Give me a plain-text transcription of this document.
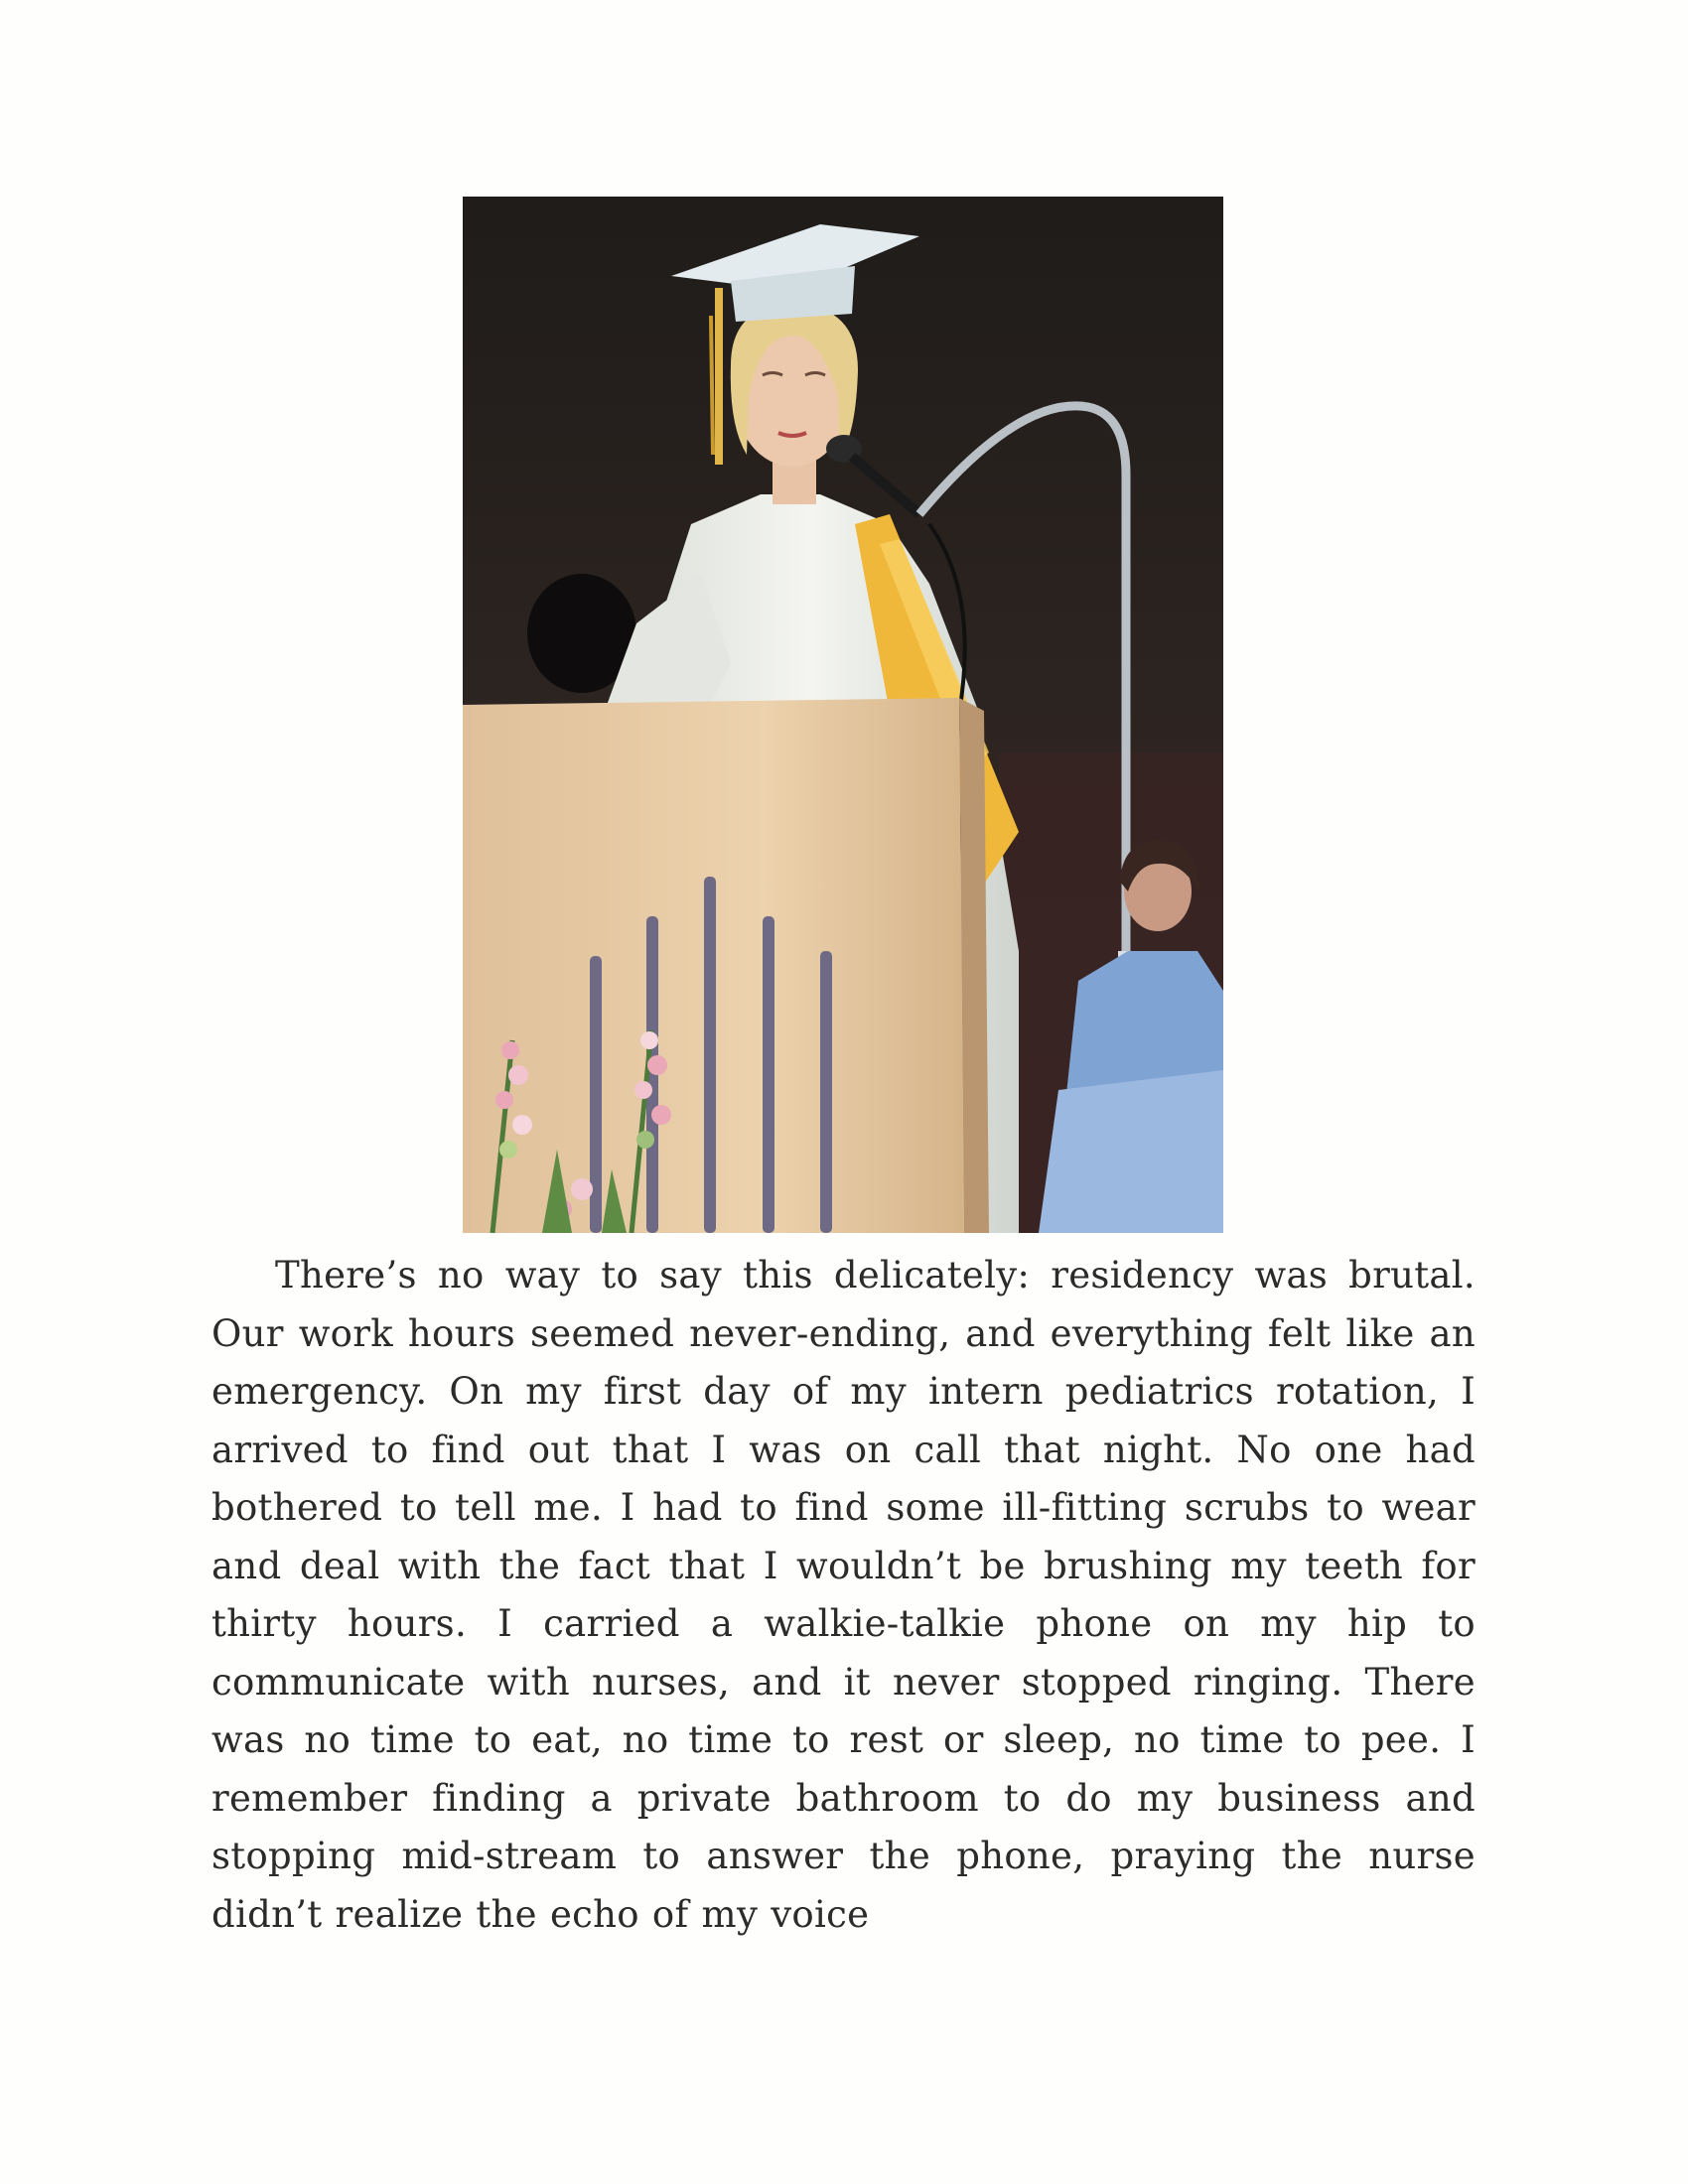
There’s no way to say this delicately: residency was brutal. Our work hours seemed never-ending, and everything felt like an emergency. On my first day of my intern pediatrics rotation, I arrived to find out that I was on call that night. No one had bothered to tell me. I had to find some ill-fitting scrubs to wear and deal with the fact that I wouldn’t be brushing my teeth for thirty hours. I carried a walkie-talkie phone on my hip to communicate with nurses, and it never stopped ringing. There was no time to eat, no time to rest or sleep, no time to pee. I remember finding a private bathroom to do my business and stopping mid-stream to answer the phone, praying the nurse didn’t realize the echo of my voice
